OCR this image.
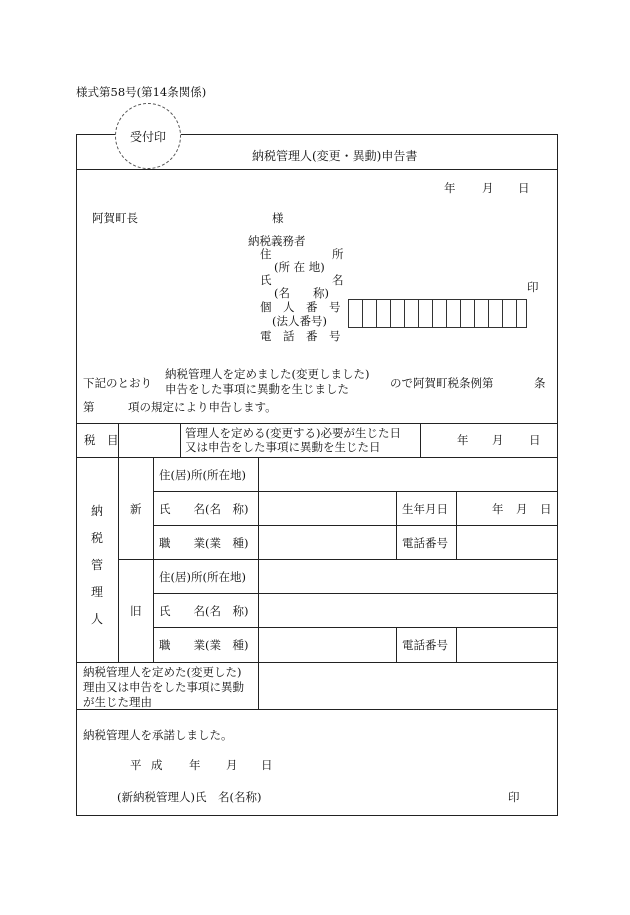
様式第58号(第14条関係)
受付印
納税管理人(変更・異動)申告書
年 月 日
阿賀町長	様
納税義務者
住	所
(所 在 地)
氏	名
(名　　称)	印
個　人　番　号
(法人番号)
電　話　番　号
下記のとおり
納税管理人を定めました(変更しました)
申告をした事項に異動を生じました	ので阿賀町税条例第	条
第	項の規定により申告します。
税　目	管理人を定める(変更する)必要が生じた日
又は申告をした事項に異動を生じた日	年 月 日
納
税
管
理
人
新
旧
住(居)所(所在地)
氏　　名(名　称)	生年月日	年 月 日
職　　業(業　種)	電話番号
住(居)所(所在地)
氏　　名(名　称)
職　　業(業　種)	電話番号
納税管理人を定めた(変更した)
理由又は申告をした事項に異動
が生じた理由
納税管理人を承諾しました。
平 成 年 月 日
(新納税管理人)氏　名(名称)	印
